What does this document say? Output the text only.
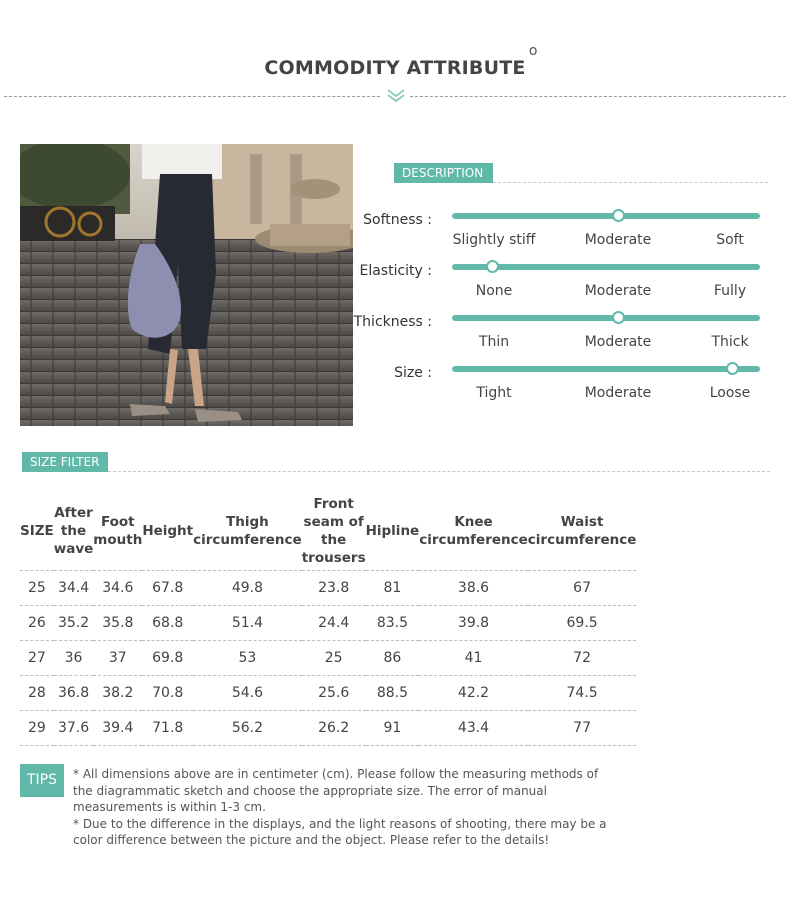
COMMODITY ATTRIBUTE
o
DESCRIPTION
Softness :
Slightly stiff	Moderate	Soft
Elasticity :
None	Moderate	Fully
Thickness :
Thin	Moderate	Thick
Size :
Tight	Moderate	Loose
SIZE FILTER
SIZE	After the wave	Foot mouth	Height	Thigh circumference	Front seam of the trousers	Hipline	Knee circumference	Waist circumference
25	34.4	34.6	67.8	49.8	23.8	81	38.6	67
26	35.2	35.8	68.8	51.4	24.4	83.5	39.8	69.5
27	36	37	69.8	53	25	86	41	72
28	36.8	38.2	70.8	54.6	25.6	88.5	42.2	74.5
29	37.6	39.4	71.8	56.2	26.2	91	43.4	77
TIPS	* All dimensions above are in centimeter (cm). Please follow the measuring methods of the diagrammatic sketch and choose the appropriate size. The error of manual measurements is within 1-3 cm.

* Due to the difference in the displays, and the light reasons of shooting, there may be a color difference between the picture and the object. Please refer to the details!
